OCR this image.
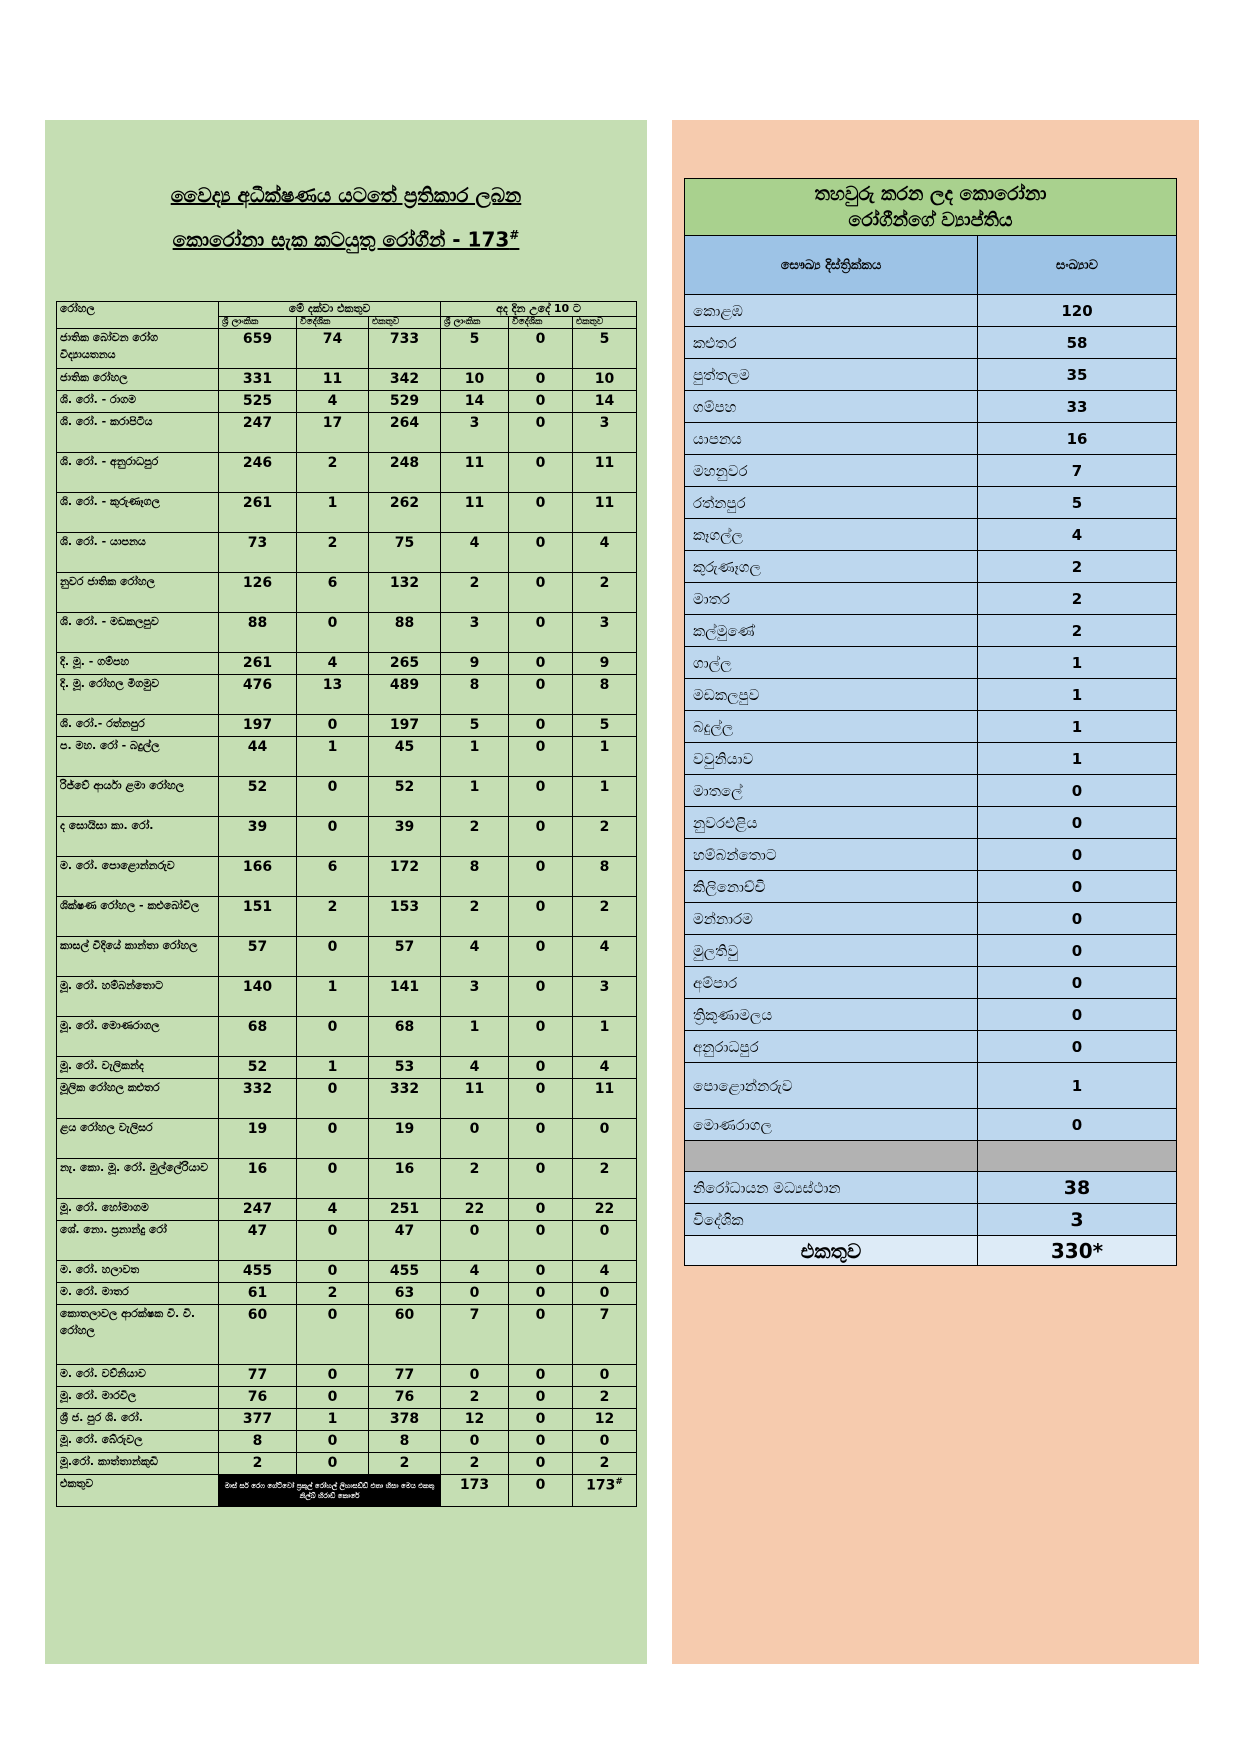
වෛද්‍ය අධීක්ෂණය යටතේ ප්‍රතිකාර ලබන
කොරෝනා සැක කටයුතු රෝගීන් - 173#
රෝහල	මේ දක්වා එකතුව			අද දින උදේ 10 ට		
	ශ්‍රී ලාංකික	විදේශික	එකතුව	ශ්‍රී ලාංකික	විදේශික	එකතුව
ජාතික බෝවන රෝග විද්‍යායතනය	659	74	733	5	0	5
ජාතික රෝහල	331	11	342	10	0	10
ශි. රෝ. - රාගම	525	4	529	14	0	14
ශි. රෝ. - කරාපිටිය	247	17	264	3	0	3
ශි. රෝ. - අනුරාධපුර	246	2	248	11	0	11
ශි. රෝ. - කුරුණෑගල	261	1	262	11	0	11
ශි. රෝ. - යාපනය	73	2	75	4	0	4
නුවර ජාතික රෝහල	126	6	132	2	0	2
ශි. රෝ. - මඩකලපුව	88	0	88	3	0	3
දි. මූ. - ගම්පහ	261	4	265	9	0	9
දි. මූ. රෝහල මීගමුව	476	13	489	8	0	8
ශි. රෝ.- රත්නපුර	197	0	197	5	0	5
ප. මහ. රෝ - බදුල්ල	44	1	45	1	0	1
රිජ්වේ ආර්යා ළමා රෝහල	52	0	52	1	0	1
ද සොයිසා කා. රෝ.	39	0	39	2	0	2
ම. රෝ. පොළොන්නරුව	166	6	172	8	0	8
ශික්ෂණ රෝහල - කළුබෝවිල	151	2	153	2	0	2
කාසල් වීදියේ කාන්තා රෝහල	57	0	57	4	0	4
මූ. රෝ. හම්බන්තොට	140	1	141	3	0	3
මූ. රෝ. මොණරාගල	68	0	68	1	0	1
මූ. රෝ. වැලිකන්ද	52	1	53	4	0	4
මූලික රෝහල කළුතර	332	0	332	11	0	11
ළය රෝහල වැලිසර	19	0	19	0	0	0
නැ. කො. මූ. රෝ. මුල්ලේරියාව	16	0	16	2	0	2
මූ. රෝ. හෝමාගම	247	4	251	22	0	22
ශේ. නො. ප්‍රනාන්දු රෝ	47	0	47	0	0	0
ම. රෝ. හලාවත	455	0	455	4	0	4
ම. රෝ. මාතර	61	2	63	0	0	0
කොතලාවල ආරක්ෂක වි. වි. රෝහල	60	0	60	7	0	7
ම. රෝ. වව්නියාව	77	0	77	0	0	0
මූ. රෝ. මාරවිල	76	0	76	2	0	2
ශ්‍රී ජ. පුර ශි. රෝ.	377	1	378	12	0	12
මූ. රෝ. බේරුවල	8	0	8	0	0	0
මූ.රෝ. කාත්තාන්කුඩි	2	0	2	2	0	2
එකතුව	මාස් සර් රෙෆ ගේට්වෝ ප්‍රකුල් රෝහල් ලිහාසඩ්ඩ් එතා හිසා මෙය එකතු නිල්බ් හිරාඩ් කොරේ			173	0	173#
තහවුරු කරන ලද කොරෝනා
රෝගීන්ගේ ව්‍යාප්තිය	
සෞඛ්‍ය දිස්ත්‍රික්කය	සංඛ්‍යාව
කොළඹ	120
කළුතර	58
පුත්තලම	35
ගම්පහ	33
යාපනය	16
මහනුවර	7
රත්නපුර	5
කෑගල්ල	4
කුරුණෑගල	2
මාතර	2
කල්මුණේ	2
ගාල්ල	1
මඩකලපුව	1
බදුල්ල	1
වවුනියාව	1
මාතලේ	0
නුවරඑළිය	0
හම්බන්තොට	0
කිලිනොච්චි	0
මන්නාරම	0
මුලතිවු	0
අම්පාර	0
ත්‍රිකුණාමලය	0
අනුරාධපුර	0
පොළොන්නරුව	1
මොණරාගල	0

නිරෝධායන මධ්‍යස්ථාන	38
විදේශික	3
එකතුව	330*
